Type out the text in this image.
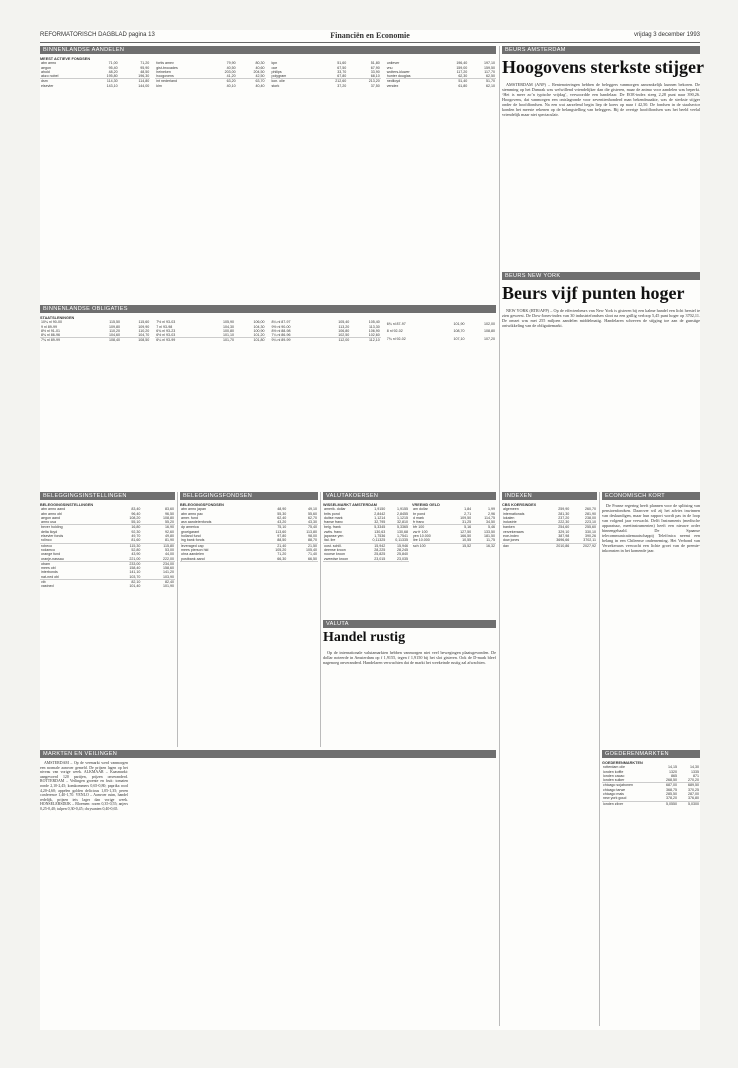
REFORMATORISCH DAGBLAD pagina 13	Financiën en Economie	vrijdag 3 december 1993
BINNENLANDSE AANDELEN
MEEST ACTIEVE FONDSEN
abn amro	71,00	71,20
aegon	95,40	95,90
ahold	48,20	48,50
akzo nobel	195,80	196,30
dsm	114,30	114,80
elsevier	143,10	144,00
fortis amev	79,90	80,30
gist-brocades	40,50	40,60
heineken	203,00	204,50
hoogovens	41,20	42,50
int nederland	63,20	63,70
klm	40,10	40,40
kpn	51,60	51,80
oce	67,50	67,90
philips	33,70	33,90
polygram	67,80	68,10
kon. olie	212,60	213,20
stork	37,20	37,50
unilever	196,40	197,10
vnu	159,00	159,50
wolters-kluwer	117,20	117,70
hunter douglas	62,30	62,50
nedlloyd	51,40	51,70
vendex	61,80	62,10
BINNENLANDSE OBLIGATIES
STAATSLENINGEN
10¼ nl 90-00	115,50	115,60
9 nl 89-99	109,80	109,90
8½ nl 91-01	110,20	110,20
8¾ nl 86-96	104,60	104,70
7¾ nl 89-99	108,40	108,50
7½ nl 93-03	105,90	106,00
7 nl 93-98	104,30	104,30
6¾ nl 93-23	100,80	100,90
6½ nl 93-03	101,10	101,20
6¼ nl 93-99	101,70	101,80
8¼ nl 87-97	105,40	105,40
9½ nl 90-00	113,20	113,30
8½ nl 88-98	106,80	106,90
7¼ nl 86-96	102,50	102,60
9¼ nl 89-99	112,00	112,10
6¾ nl 87-97	101,90	102,00
8 nl 92-02	108,70	108,80
7¾ nl 92-02	107,10	107,20
BELEGGINGSINSTELLINGEN	BELEGGINGSFONDSEN
BELEGGINGSINSTELLINGEN
abn amro aand	83,40	83,60
abn amro obl	96,40	96,50
aegon aand	108,20	108,80
amro usa	55,10	55,20
bever holding	16,80	16,90
delta lloyd	92,30	92,60
elsevier fonds	49,70	49,80
rolinco	81,60	81,90
robeco	115,30	115,80
rodamco	52,80	53,00
orange fund	43,90	44,00
oranje-nassau	221,00	222,00
obam	233,00	234,00
mees obl	158,40	158,60
interbonds	141,10	141,20
nat-ned obl	103,70	103,90
vib	82,10	82,40
vastned	101,40	101,90
BELEGGINGSFONDSEN
abn amro japan	48,90	49,10
abn amro pac	55,30	55,60
amer. fund	62,40	62,70
asn aandelenfonds	43,20	43,30
dp america	75,10	75,40
groeigarant	113,60	113,80
holland fund	97,80	98,00
ing bank fonds	88,50	88,70
leveraged cap	21,40	21,50
mees pierson hld	105,20	105,40
ohra aandelen	71,20	71,40
postbank aand	66,30	66,50
VALUTAKOERSEN
WISSELMARKT AMSTERDAM
amerik. dollar	1,9150	1,9155
brits pond	2,8442	2,8455
duitse mark	1,1214	1,1215
franse franc	32,795	32,810
belg. frank	5,3345	5,3365
zwits. franc	130,63	130,68
japanse yen	1,7536	1,7541
ital. lire	0,11325	0,11335
oost. schill.	15,942	15,946
deense kroon	28,225	28,245
noorse kroon	25,825	25,840
zweedse kroon	23,015	23,035
VREEMD GELD
am dollar	1,84	1,99
br pond	2,71	2,96
d mark	109,50	114,75
fr franc	31,25	34,50
bfr 100	5,16	5,46
zw fr 100	127,50	133,50
yen 10.000	166,50	181,50
lire 10.000	10,55	11,75
sch 100	15,52	16,32
VALUTA
Handel rustig

Op de internationale valutamarkten hebben vanmorgen niet veel bewegingen plaatsgevonden. De dollar noteerde in Amsterdam op f 1,9155, tegen f 1,9150 bij het slot gisteren. Ook de D-mark bleef nagenoeg onveranderd. Handelaren verwachten dat de markt het weekeinde rustig zal afwachten.

MARKTEN EN VEILINGEN

AMSTERDAM – Op de veemarkt werd vanmorgen een normale aanvoer gemeld. De prijzen lagen op het niveau van vorige week. ALKMAAR – Kaasmarkt: aangevoerd 120 partijen, prijzen onveranderd. ROTTERDAM – Veilingen groente en fruit: tomaten ronde 2,10-2,45; komkommers 0,65-0,80; paprika rood 4,20-4,60; appelen golden delicious 1,05-1,35; peren conference 1,40-1,70. VENLO – Aanvoer ruim, handel redelijk, prijzen iets lager dan vorige week. HONSELERSDIJK – Bloemen: rozen 0,35-0,55; anjers 0,25-0,40; tulpen 0,30-0,45; chrysanten 0,40-0,65.

BEURS AMSTERDAM
Hoogovens sterkste stijger

AMSTERDAM (ANP) – Rentenoteringen hebben de beleggers vanmorgen aanvankelijk kunnen bekoren. De stemming op het Damrak was welwillend vriendelijker dan die gisteren, maar de animo voor aandelen was beperkt. ‘Het is meer zo’n typische vrijdag’, verwoordde een handelaar. De EOE-index steeg 2,28 punt naar 390,26. Hoogovens, dat vanmorgen een ontslagronde voor zeventienhonderd man bekendmaakte, was de sterkste stijger onder de hoofdfondsen. Na een wat aarzelend begin liep de koers op naar f 42,50. De fondsen in de staalsector konden het meeste rekenen op de belangstelling van beleggers. Bij de overige hoofdfondsen was het beeld veelal vriendelijk maar niet spectaculair.

BEURS NEW YORK
Beurs vijf punten hoger

NEW YORK (RTR/AFP) – Op de effectenbeurs van New York is gisteren bij een kalme handel een licht herstel te zien geweest. De Dow-Jones-index van 30 industriefondsen sloot na een grillig verloop 5,45 punt hoger op 3702,11. De omzet was met 255 miljoen aandelen middelmatig. Handelaren schreven de stijging toe aan de gunstige ontwikkeling van de obligatiemarkt.

INDEXEN	ECONOMISCH KORT
CBS KOERSINDEX
algemeen	259,90	260,70
internationals	281,30	281,90
lokalen	237,20	238,00
industrie	222,30	223,10
banken	254,60	255,60
verzekeraars	329,10	330,10
eoe-index	387,98	390,26
dow jones	3696,66	3702,11
dax	2010,86	2027,92

De Franse regering heeft plannen voor de splitsing van pensioenfondsen. Daarover wil zij het advies inwinnen van deskundigen, maar hun rapport wordt pas in de loop van volgend jaar verwacht. Delft Instruments (medische apparatuur, meetinstrumenten) heeft een nieuwe order binnengehaald. De Spaanse telecommunicatiemaatschappij Telefónica neemt een belang in een Chileense onderneming. Het Verbond van Verzekeraars verwacht een lichte groei van de premie-inkomsten in het komende jaar.

GOEDERENMARKTEN
GOEDERENMARKTEN
rotterdam olie	14,15	14,30
londen koffie	1320	1335
londen cacao	865	871
londen suiker	268,50	270,20
chicago sojabonen	687,00	689,50
chicago tarwe	368,75	370,25
chicago mais	285,50	287,00
new york goud	378,20	376,80
londen zilver	5,0550	5,0300
